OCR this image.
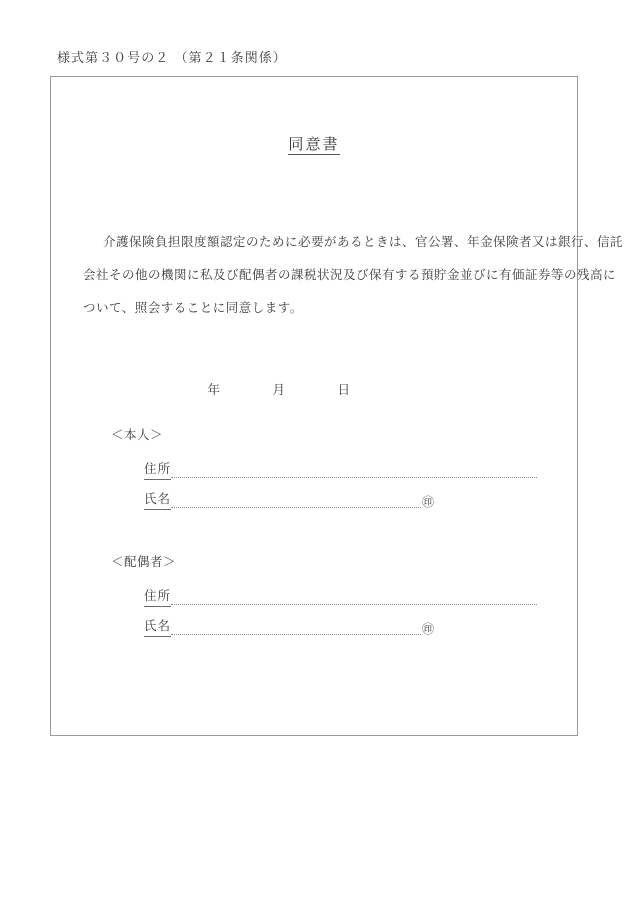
様式第３０号の２ （第２１条関係）
同意書
介護保険負担限度額認定のために必要があるときは、官公署、年金保険者又は銀行、信託
会社その他の機関に私及び配偶者の課税状況及び保有する預貯金並びに有価証券等の残高に
ついて、照会することに同意します。
年　　　　月　　　　日
＜本人＞
住所
氏名	㊞
＜配偶者＞
住所
氏名	㊞
